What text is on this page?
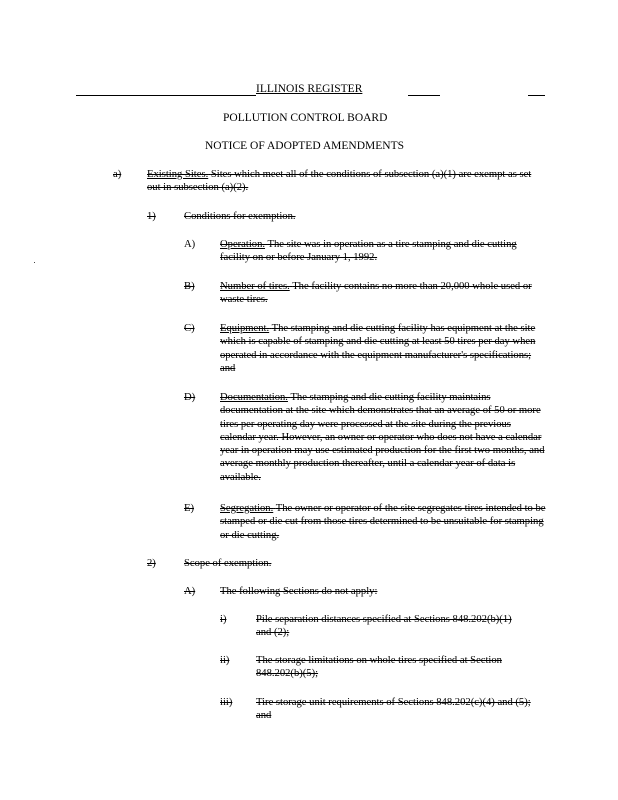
ILLINOIS REGISTER
POLLUTION CONTROL BOARD
NOTICE OF ADOPTED AMENDMENTS
a) Existing Sites. Sites which meet all of the conditions of subsection (a)(1) are exempt as set out in subsection (a)(2).
1)	Conditions for exemption.
A) Operation. The site was in operation as a tire stamping and die cutting facility on or before January 1, 1992.
B) Number of tires. The facility contains no more than 20,000 whole used or waste tires.
C) Equipment. The stamping and die cutting facility has equipment at the site which is capable of stamping and die cutting at least 50 tires per day when operated in accordance with the equipment manufacturer's specifications; and
D) Documentation. The stamping and die cutting facility maintains documentation at the site which demonstrates that an average of 50 or more tires per operating day were processed at the site during the previous calendar year. However, an owner or operator who does not have a calendar year in operation may use estimated production for the first two months, and average monthly production thereafter, until a calendar year of data is available.
E) Segregation. The owner or operator of the site segregates tires intended to be stamped or die cut from those tires determined to be unsuitable for stamping or die cutting.
2)	Scope of exemption.
A) The following Sections do not apply:
i)	Pile separation distances specified at Sections 848.202(b)(1) and (2);
ii)	The storage limitations on whole tires specified at Section 848.202(b)(5);
iii) Tire storage unit requirements of Sections 848.202(c)(4) and (5); and
